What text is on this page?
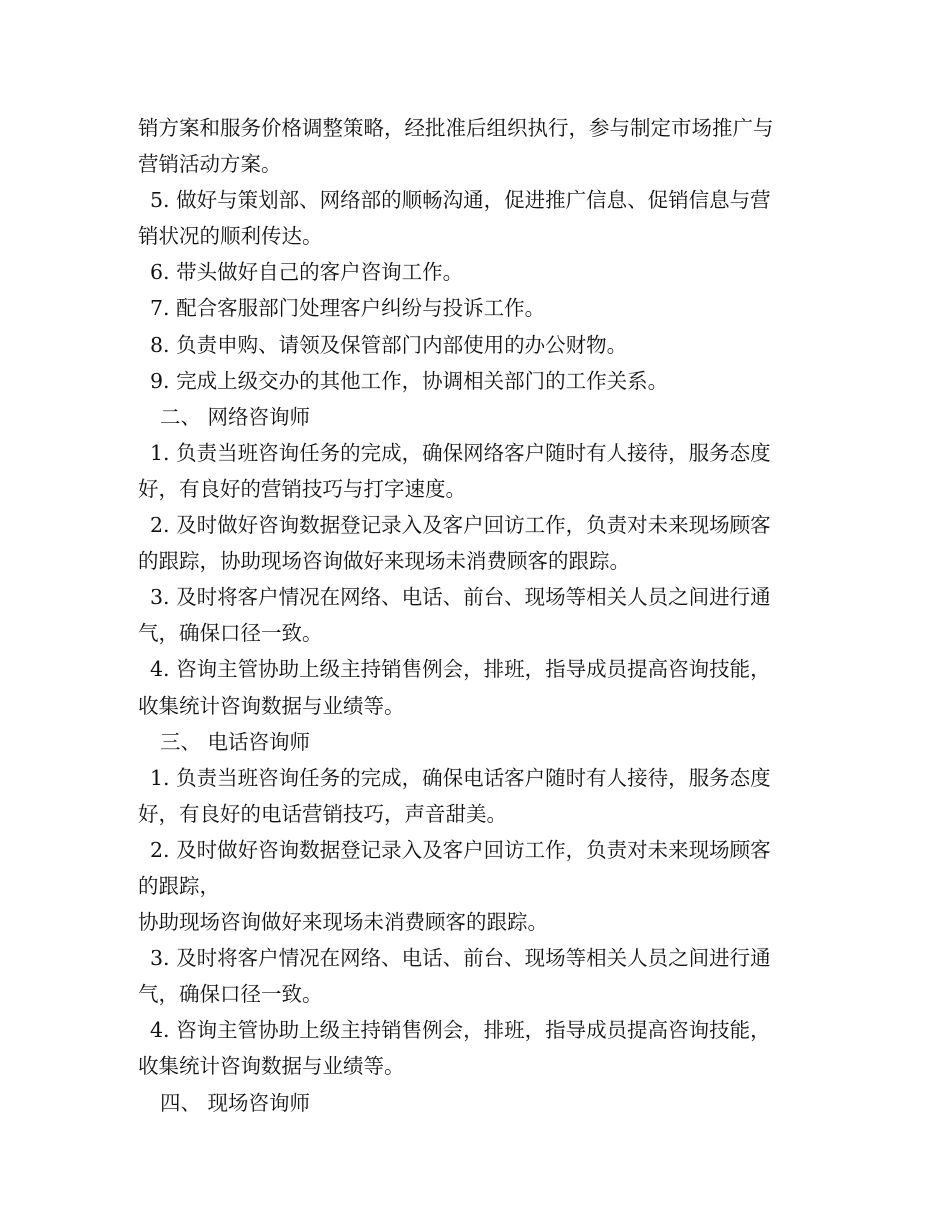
销方案和服务价格调整策略，经批准后组织执行，参与制定市场推广与
营销活动方案。
5. 做好与策划部、网络部的顺畅沟通，促进推广信息、促销信息与营
销状况的顺利传达。
6. 带头做好自己的客户咨询工作。
7. 配合客服部门处理客户纠纷与投诉工作。
8. 负责申购、请领及保管部门内部使用的办公财物。
9. 完成上级交办的其他工作，协调相关部门的工作关系。
二、 网络咨询师
1. 负责当班咨询任务的完成，确保网络客户随时有人接待，服务态度
好，有良好的营销技巧与打字速度。
2. 及时做好咨询数据登记录入及客户回访工作，负责对未来现场顾客
的跟踪，协助现场咨询做好来现场未消费顾客的跟踪。
3. 及时将客户情况在网络、电话、前台、现场等相关人员之间进行通
气，确保口径一致。
4. 咨询主管协助上级主持销售例会，排班，指导成员提高咨询技能，
收集统计咨询数据与业绩等。
三、 电话咨询师
1. 负责当班咨询任务的完成，确保电话客户随时有人接待，服务态度
好，有良好的电话营销技巧，声音甜美。
2. 及时做好咨询数据登记录入及客户回访工作，负责对未来现场顾客
的跟踪，
协助现场咨询做好来现场未消费顾客的跟踪。
3. 及时将客户情况在网络、电话、前台、现场等相关人员之间进行通
气，确保口径一致。
4. 咨询主管协助上级主持销售例会，排班，指导成员提高咨询技能，
收集统计咨询数据与业绩等。
四、 现场咨询师
